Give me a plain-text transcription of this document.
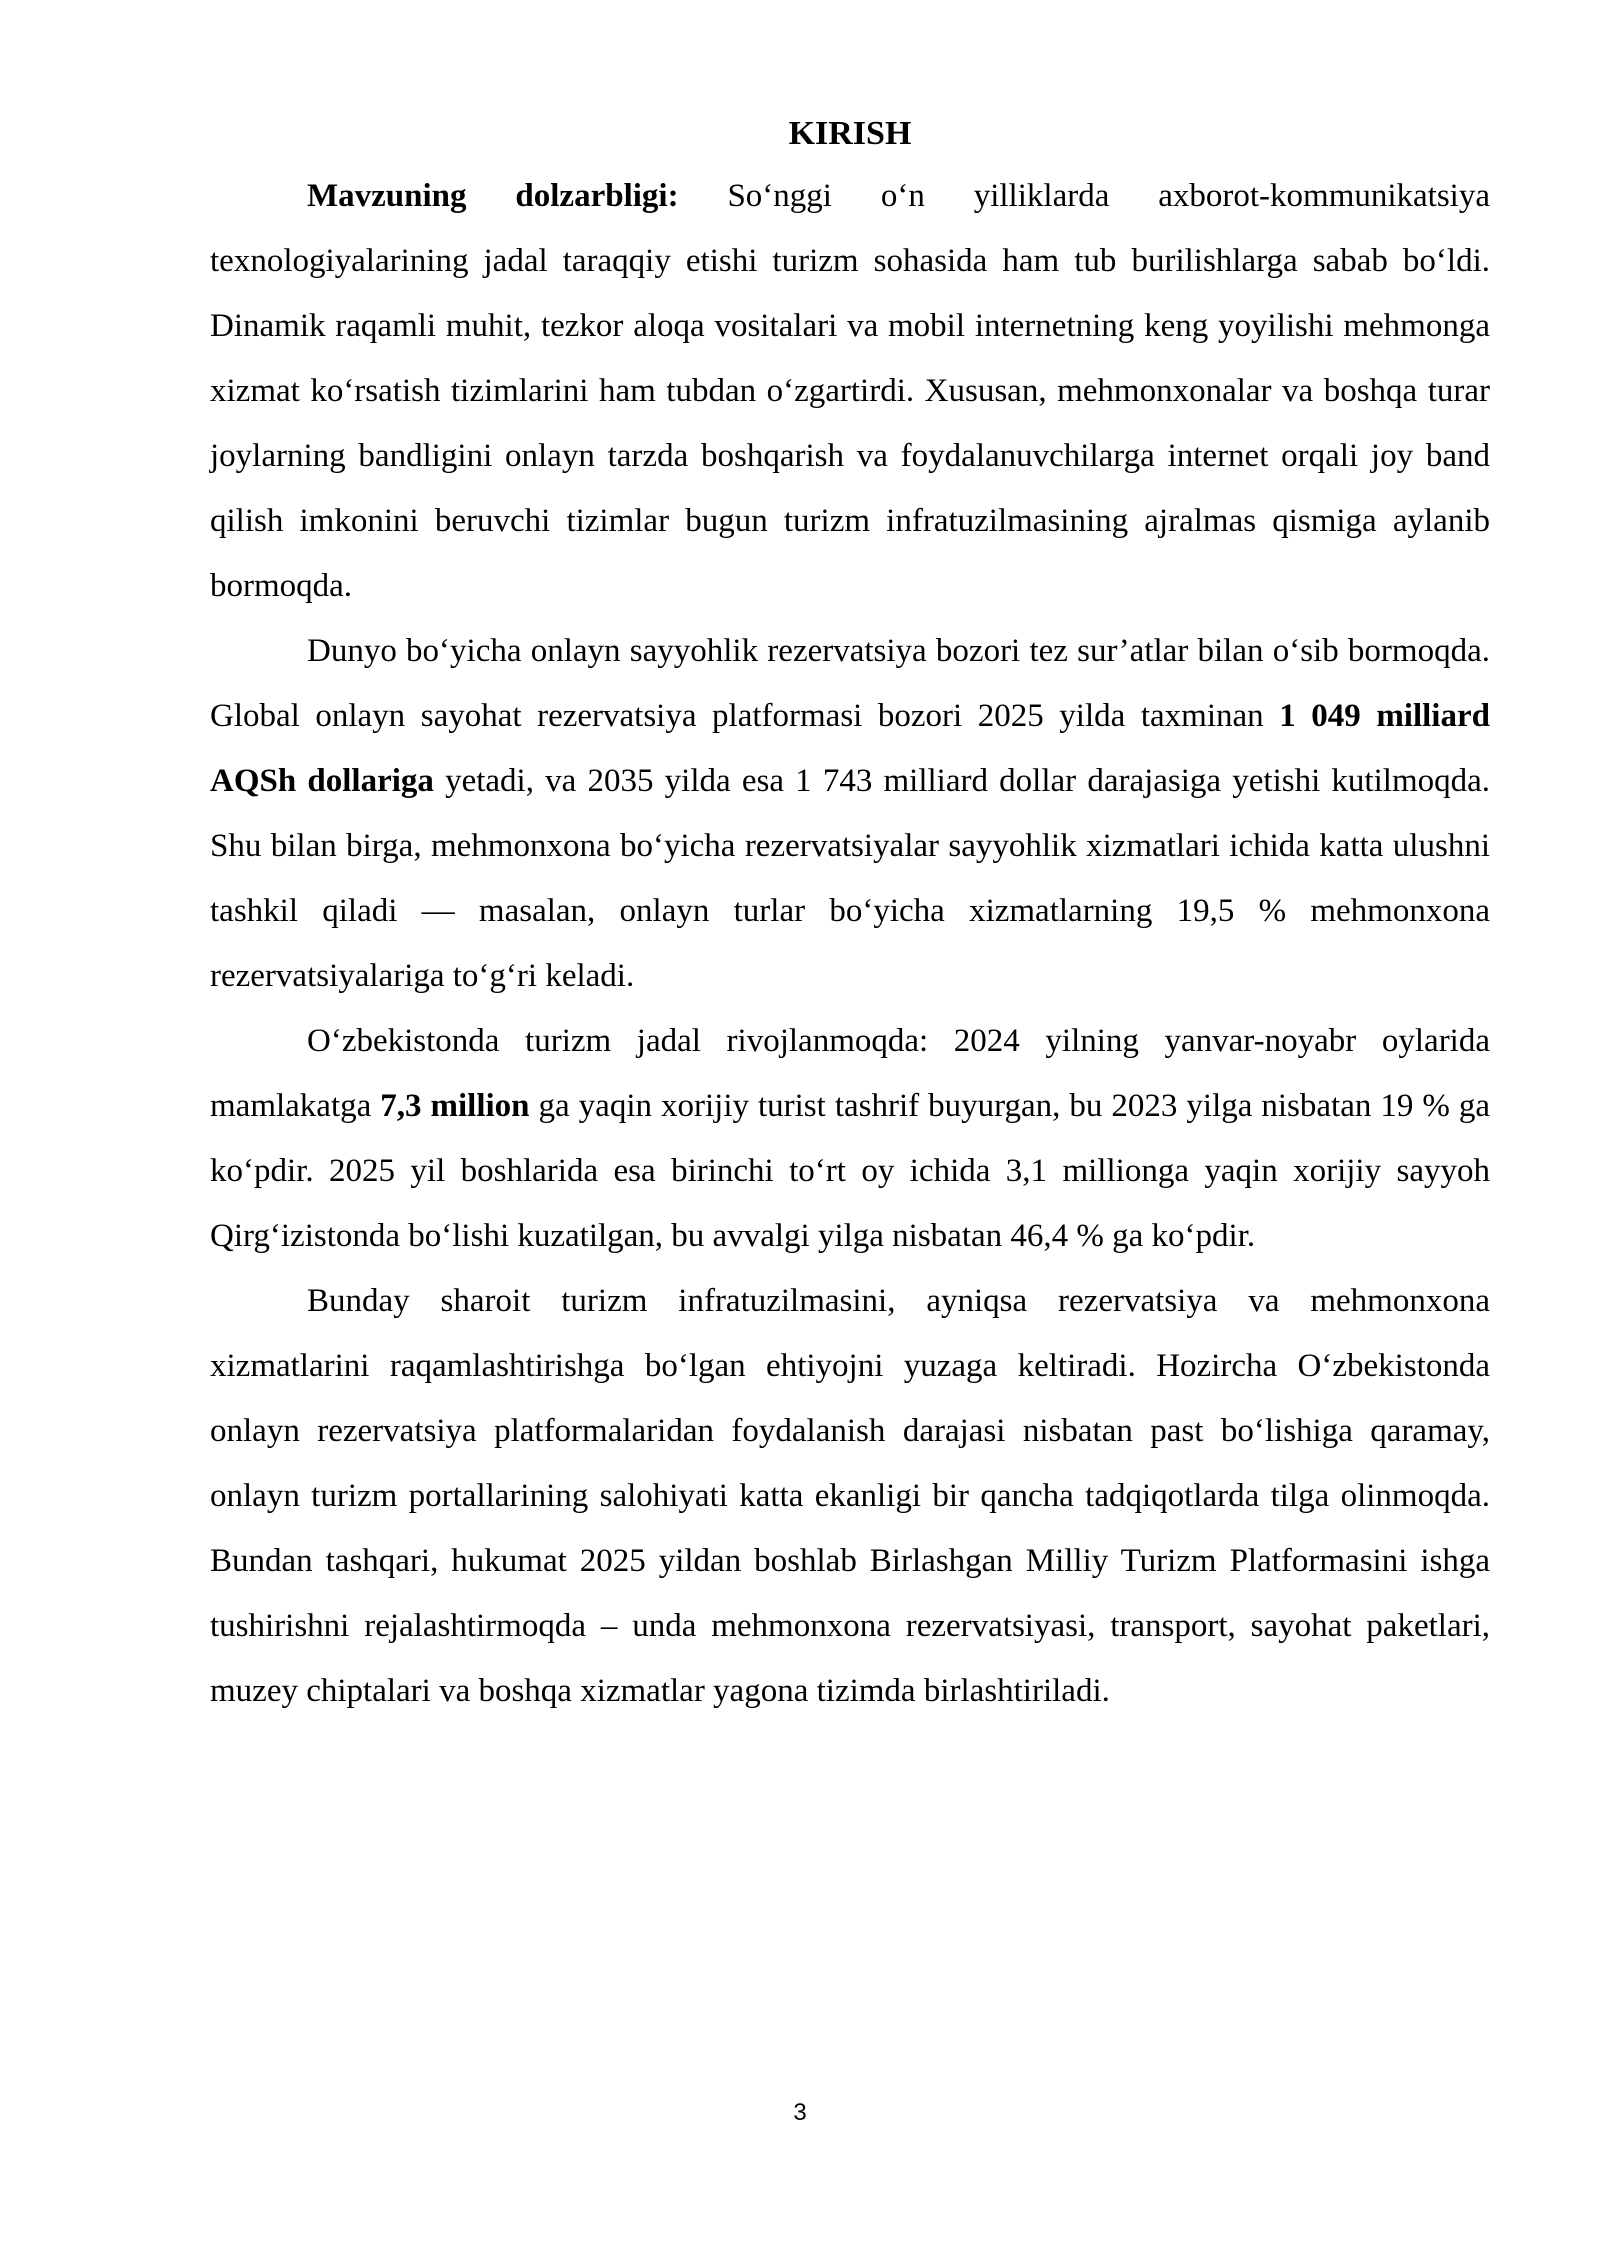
KIRISH

Mavzuning dolzarbligi: So‘nggi o‘n yilliklarda axborot-kommunikatsiya texnologiyalarining jadal taraqqiy etishi turizm sohasida ham tub burilishlarga sabab bo‘ldi. Dinamik raqamli muhit, tezkor aloqa vositalari va mobil internetning keng yoyilishi mehmonga xizmat ko‘rsatish tizimlarini ham tubdan o‘zgartirdi. Xususan, mehmonxonalar va boshqa turar joylarning bandligini onlayn tarzda boshqarish va foydalanuvchilarga internet orqali joy band qilish imkonini beruvchi tizimlar bugun turizm infratuzilmasining ajralmas qismiga aylanib bormoqda.

Dunyo bo‘yicha onlayn sayyohlik rezervatsiya bozori tez sur’atlar bilan o‘sib bormoqda. Global onlayn sayohat rezervatsiya platformasi bozori 2025 yilda taxminan 1 049 milliard AQSh dollariga yetadi, va 2035 yilda esa 1 743 milliard dollar darajasiga yetishi kutilmoqda. Shu bilan birga, mehmonxona bo‘yicha rezervatsiyalar sayyohlik xizmatlari ichida katta ulushni tashkil qiladi — masalan, onlayn turlar bo‘yicha xizmatlarning 19,5 % mehmonxona rezervatsiyalariga to‘g‘ri keladi.

O‘zbekistonda turizm jadal rivojlanmoqda: 2024 yilning yanvar-noyabr oylarida mamlakatga 7,3 million ga yaqin xorijiy turist tashrif buyurgan, bu 2023 yilga nisbatan 19 % ga ko‘pdir. 2025 yil boshlarida esa birinchi to‘rt oy ichida 3,1 millionga yaqin xorijiy sayyoh Qirg‘izistonda bo‘lishi kuzatilgan, bu avvalgi yilga nisbatan 46,4 % ga ko‘pdir.

Bunday sharoit turizm infratuzilmasini, ayniqsa rezervatsiya va mehmonxona xizmatlarini raqamlashtirishga bo‘lgan ehtiyojni yuzaga keltiradi. Hozircha O‘zbekistonda onlayn rezervatsiya platformalaridan foydalanish darajasi nisbatan past bo‘lishiga qaramay, onlayn turizm portallarining salohiyati katta ekanligi bir qancha tadqiqotlarda tilga olinmoqda. Bundan tashqari, hukumat 2025 yildan boshlab Birlashgan Milliy Turizm Platformasini ishga tushirishni rejalashtirmoqda – unda mehmonxona rezervatsiyasi, transport, sayohat paketlari, muzey chiptalari va boshqa xizmatlar yagona tizimda birlashtiriladi.

3
